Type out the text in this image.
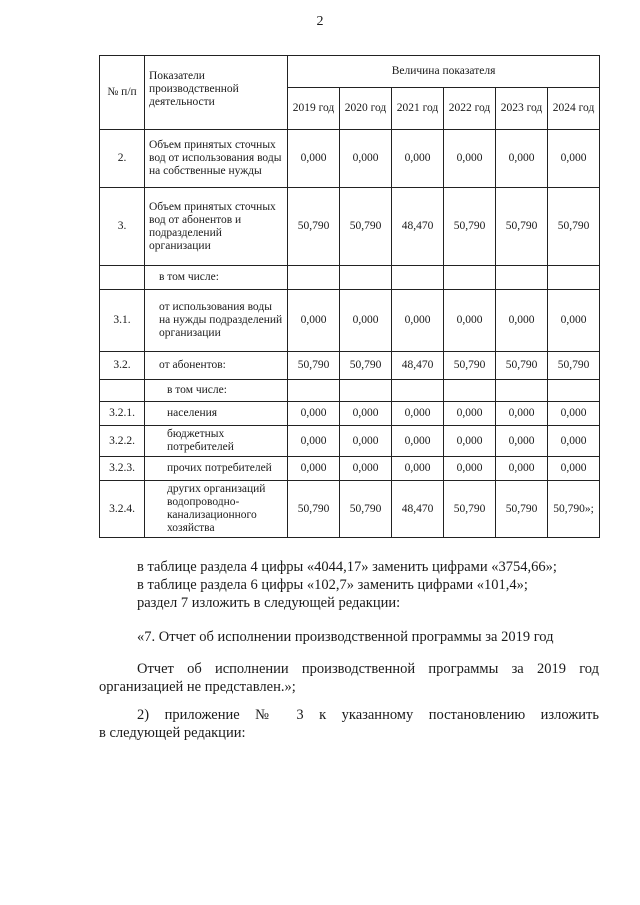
2
№ п/п	Показатели производственной деятельности	Величина показателя					
		2019 год	2020 год	2021 год	2022 год	2023 год	2024 год
2.	Объем принятых сточных вод от использования воды на собственные нужды	0,000	0,000	0,000	0,000	0,000	0,000
3.	Объем принятых сточных вод от абонентов и подразделений организации	50,790	50,790	48,470	50,790	50,790	50,790
	в том числе:						
3.1.	от использования воды на нужды подразделений организации	0,000	0,000	0,000	0,000	0,000	0,000
3.2.	от абонентов:	50,790	50,790	48,470	50,790	50,790	50,790
	в том числе:						
3.2.1.	населения	0,000	0,000	0,000	0,000	0,000	0,000
3.2.2.	бюджетных потребителей	0,000	0,000	0,000	0,000	0,000	0,000
3.2.3.	прочих потребителей	0,000	0,000	0,000	0,000	0,000	0,000
3.2.4.	других организаций водопроводно-канализационного хозяйства	50,790	50,790	48,470	50,790	50,790	50,790»;

в таблице раздела 4 цифры «4044,17» заменить цифрами «3754,66»;

в таблице раздела 6 цифры «102,7» заменить цифрами «101,4»;

раздел 7 изложить в следующей редакции:

«7. Отчет об исполнении производственной программы за 2019 год

Отчет об исполнении производственной программы за 2019 год

организацией не представлен.»;

2) приложение № 3 к указанному постановлению изложить

в следующей редакции:
